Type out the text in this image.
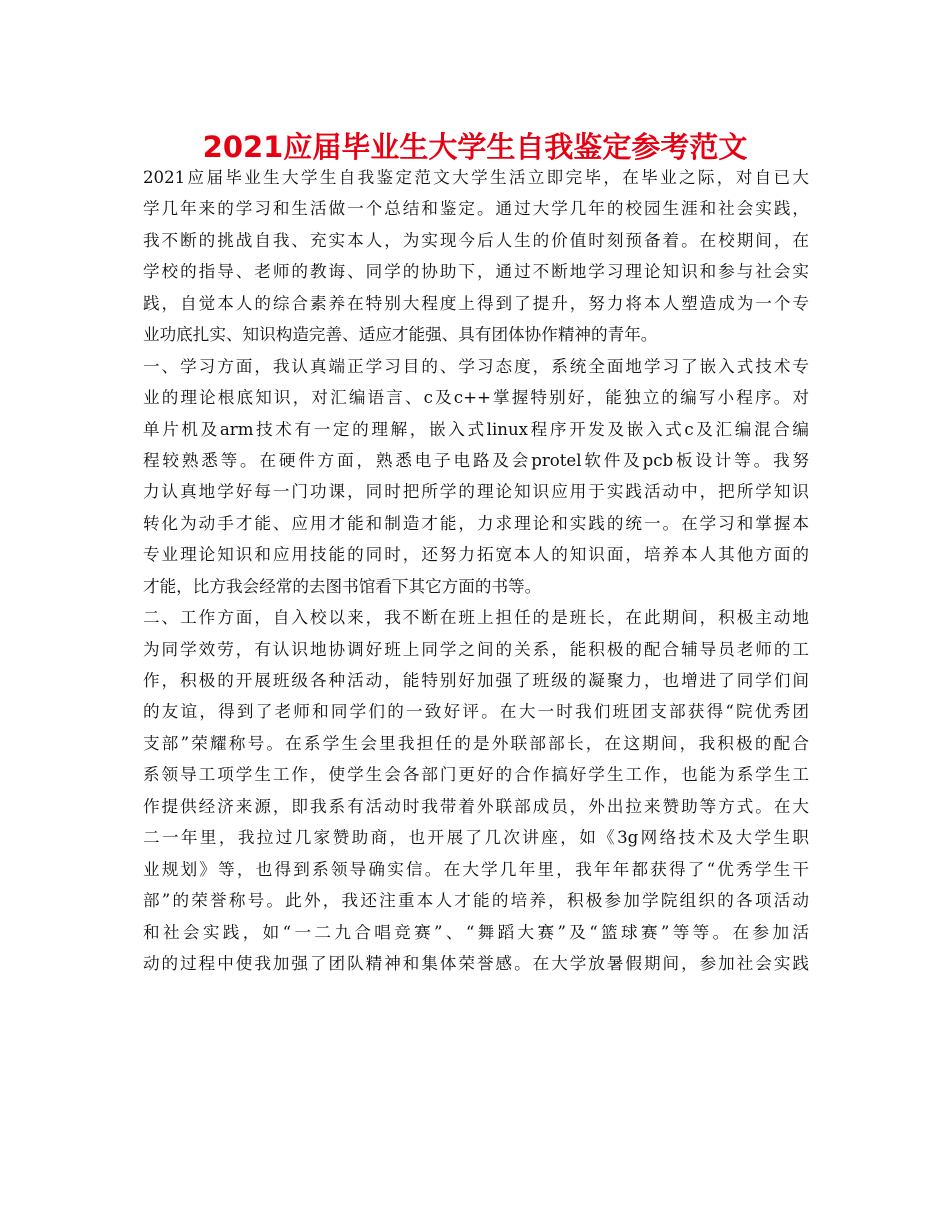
2021应届毕业生大学生自我鉴定参考范文
2021应届毕业生大学生自我鉴定范文大学生活立即完毕，在毕业之际，对自已大
学几年来的学习和生活做一个总结和鉴定。通过大学几年的校园生涯和社会实践，
我不断的挑战自我、充实本人，为实现今后人生的价值时刻预备着。在校期间，在
学校的指导、老师的教诲、同学的协助下，通过不断地学习理论知识和参与社会实
践，自觉本人的综合素养在特别大程度上得到了提升，努力将本人塑造成为一个专
业功底扎实、知识构造完善、适应才能强、具有团体协作精神的青年。
一、学习方面，我认真端正学习目的、学习态度，系统全面地学习了嵌入式技术专
业的理论根底知识，对汇编语言、c及c++掌握特别好，能独立的编写小程序。对
单片机及arm技术有一定的理解，嵌入式linux程序开发及嵌入式c及汇编混合编
程较熟悉等。在硬件方面，熟悉电子电路及会protel软件及pcb板设计等。我努
力认真地学好每一门功课，同时把所学的理论知识应用于实践活动中，把所学知识
转化为动手才能、应用才能和制造才能，力求理论和实践的统一。在学习和掌握本
专业理论知识和应用技能的同时，还努力拓宽本人的知识面，培养本人其他方面的
才能，比方我会经常的去图书馆看下其它方面的书等。
二、工作方面，自入校以来，我不断在班上担任的是班长，在此期间，积极主动地
为同学效劳，有认识地协调好班上同学之间的关系，能积极的配合辅导员老师的工
作，积极的开展班级各种活动，能特别好加强了班级的凝聚力，也增进了同学们间
的友谊，得到了老师和同学们的一致好评。在大一时我们班团支部获得“院优秀团
支部”荣耀称号。在系学生会里我担任的是外联部部长，在这期间，我积极的配合
系领导工项学生工作，使学生会各部门更好的合作搞好学生工作，也能为系学生工
作提供经济来源，即我系有活动时我带着外联部成员，外出拉来赞助等方式。在大
二一年里，我拉过几家赞助商，也开展了几次讲座，如《3g网络技术及大学生职
业规划》等，也得到系领导确实信。在大学几年里，我年年都获得了“优秀学生干
部”的荣誉称号。此外，我还注重本人才能的培养，积极参加学院组织的各项活动
和社会实践，如“一二九合唱竞赛”、“舞蹈大赛”及“篮球赛”等等。在参加活
动的过程中使我加强了团队精神和集体荣誉感。在大学放暑假期间，参加社会实践
